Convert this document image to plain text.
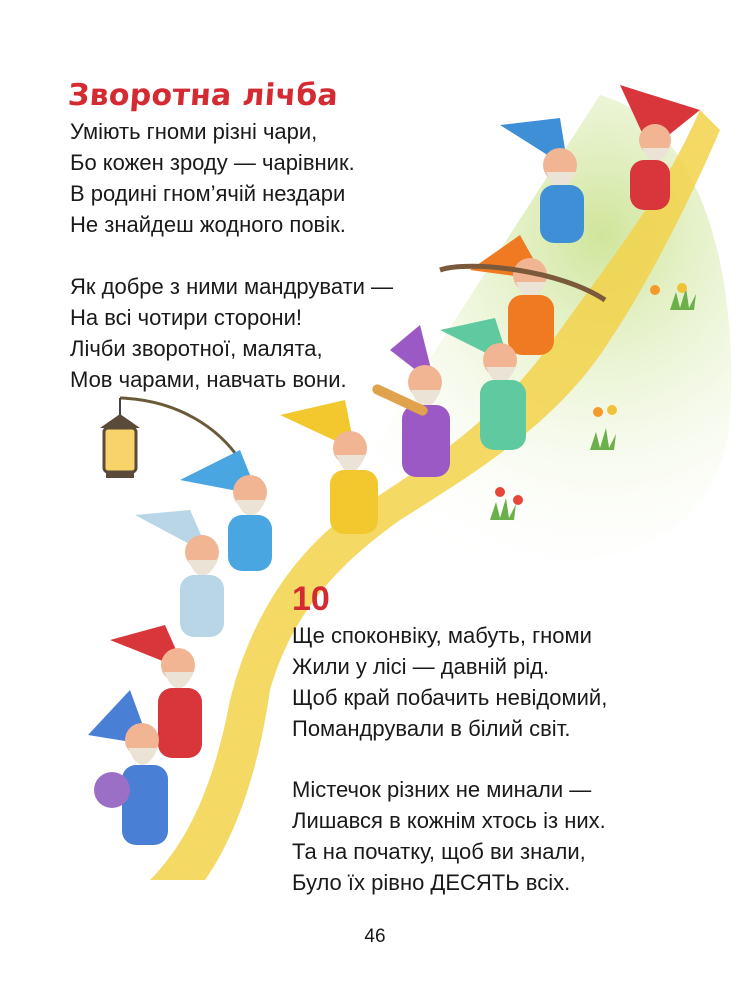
Зворотна лічба

Уміють гноми різні чари,
Бо кожен зроду — чарівник.
В родині гном’ячій нездари
Не знайдеш жодного повік.

Як добре з ними мандрувати —
На всі чотири сторони!
Лічби зворотної, малята,
Мов чарами, навчать вони.

10

Ще споконвіку, мабуть, гноми
Жили у лісі — давній рід.
Щоб край побачить невідомий,
Помандрували в білий світ.

Містечок різних не минали —
Лишався в кожнім хтось із них.
Та на початку, щоб ви знали,
Було їх рівно ДЕСЯТЬ всіх.

46
